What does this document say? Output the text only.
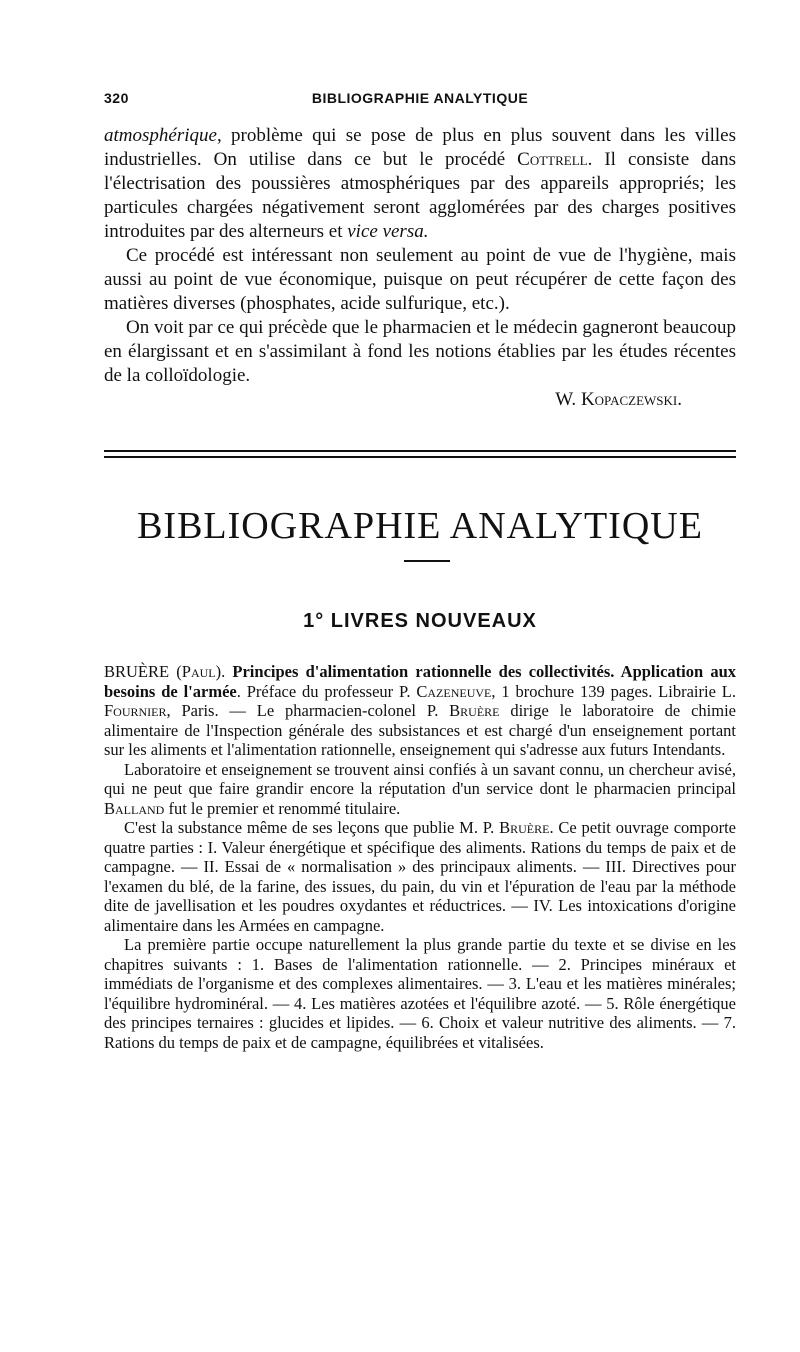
320	BIBLIOGRAPHIE ANALYTIQUE

atmosphérique, problème qui se pose de plus en plus souvent dans les villes industrielles. On utilise dans ce but le procédé Cottrell. Il consiste dans l'électrisation des poussières atmosphériques par des appareils appropriés; les particules chargées négativement seront agglomérées par des charges positives introduites par des alterneurs et vice versa.

Ce procédé est intéressant non seulement au point de vue de l'hygiène, mais aussi au point de vue économique, puisque on peut récupérer de cette façon des matières diverses (phosphates, acide sulfurique, etc.).

On voit par ce qui précède que le pharmacien et le médecin gagneront beaucoup en élargissant et en s'assimilant à fond les notions établies par les études récentes de la colloïdologie.

W. Kopaczewski.

BIBLIOGRAPHIE ANALYTIQUE
1° LIVRES NOUVEAUX

BRUÈRE (Paul). Principes d'alimentation rationnelle des collectivités. Application aux besoins de l'armée. Préface du professeur P. Cazeneuve, 1 brochure 139 pages. Librairie L. Fournier, Paris. — Le pharmacien-colonel P. Bruère dirige le laboratoire de chimie alimentaire de l'Inspection générale des subsistances et est chargé d'un enseignement portant sur les aliments et l'alimentation rationnelle, enseignement qui s'adresse aux futurs Intendants.

Laboratoire et enseignement se trouvent ainsi confiés à un savant connu, un chercheur avisé, qui ne peut que faire grandir encore la réputation d'un service dont le pharmacien principal Balland fut le premier et renommé titulaire.

C'est la substance même de ses leçons que publie M. P. Bruère. Ce petit ouvrage comporte quatre parties : I. Valeur énergétique et spécifique des aliments. Rations du temps de paix et de campagne. — II. Essai de « normalisation » des principaux aliments. — III. Directives pour l'examen du blé, de la farine, des issues, du pain, du vin et l'épuration de l'eau par la méthode dite de javellisation et les poudres oxydantes et réductrices. — IV. Les intoxications d'origine alimentaire dans les Armées en campagne.

La première partie occupe naturellement la plus grande partie du texte et se divise en les chapitres suivants : 1. Bases de l'alimentation rationnelle. — 2. Principes minéraux et immédiats de l'organisme et des complexes alimentaires. — 3. L'eau et les matières minérales; l'équilibre hydrominéral. — 4. Les matières azotées et l'équilibre azoté. — 5. Rôle énergétique des principes ternaires : glucides et lipides. — 6. Choix et valeur nutritive des aliments. — 7. Rations du temps de paix et de campagne, équilibrées et vitalisées.
